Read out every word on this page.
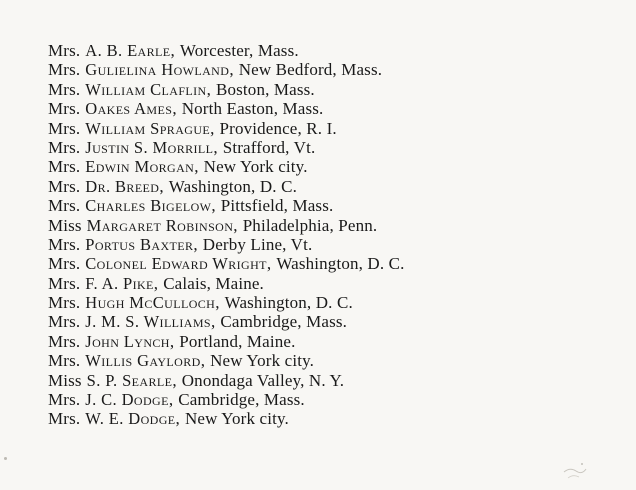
Mrs. A. B. Earle, Worcester, Mass.
Mrs. Gulielina Howland, New Bedford, Mass.
Mrs. William Claflin, Boston, Mass.
Mrs. Oakes Ames, North Easton, Mass.
Mrs. William Sprague, Providence, R. I.
Mrs. Justin S. Morrill, Strafford, Vt.
Mrs. Edwin Morgan, New York city.
Mrs. Dr. Breed, Washington, D. C.
Mrs. Charles Bigelow, Pittsfield, Mass.
Miss Margaret Robinson, Philadelphia, Penn.
Mrs. Portus Baxter, Derby Line, Vt.
Mrs. Colonel Edward Wright, Washington, D. C.
Mrs. F. A. Pike, Calais, Maine.
Mrs. Hugh McCulloch, Washington, D. C.
Mrs. J. M. S. Williams, Cambridge, Mass.
Mrs. John Lynch, Portland, Maine.
Mrs. Willis Gaylord, New York city.
Miss S. P. Searle, Onondaga Valley, N. Y.
Mrs. J. C. Dodge, Cambridge, Mass.
Mrs. W. E. Dodge, New York city.
